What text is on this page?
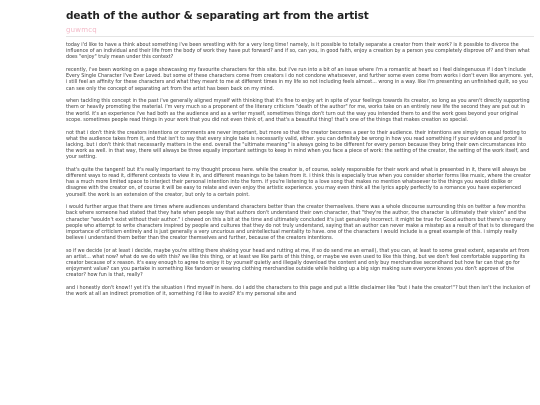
death of the author & separating art from the artist
guwmcq

today i'd like to have a think about something i've been wrestling with for a very long time! namely, is it possible to totally separate a creator from their work? is it possible to divorce the influence of an individual and their life from the body of work they have put forward? and if so, can you, in good faith, enjoy a creation by a person you completely disprove of? and then what does "enjoy" truly mean under this context?

recently, i've been working on a page showcasing my favourite characters for this site. but i've run into a bit of an issue where i'm a romantic at heart so i feel disingenuous if i don't include Every Single Character I've Ever Loved. but some of these characters come from creators i do not condone whatsoever, and further some even come from works i don't even like anymore. yet, i still feel an affinity for these characters and what they meant to me at different times in my life so not including feels almost... wrong in a way. like i'm presenting an unfinished quilt, so you can see only the concept of separating art from the artist has been back on my mind.

when tackling this concept in the past i've generally aligned myself with thinking that it's fine to enjoy art in spite of your feelings towards its creator, so long as you aren't directly supporting them or heavily promoting the material. i'm very much so a proponent of the literary criticism "death of the author" for me, works take on an entirely new life the second they are put out in the world. it's an experience i've had both as the audience and as a writer myself, sometimes things don't turn out the way you intended them to and the work goes beyond your original scope. sometimes people read things in your work that you did not even think of, and that's a beautiful thing! that's one of the things that makes creation so special.

not that i don't think the creators intentions or comments are never important, but more so that the creator becomes a peer to their audience. their intentions are simply on equal footing to what the audience takes from it, and that isn't to say that every single take is necessarily valid, either. you can definitely be wrong in how you read something if your evidence and proof is lacking. but i don't think that necessarily matters in the end. overall the "ultimate meaning" is always going to be different for every person because they bring their own circumstances into the work as well. in that way, there will always be three equally important settings to keep in mind when you face a piece of work: the setting of the creator, the setting of the work itself, and your setting.

that's quite the tangent! but it's really important to my thought process here. while the creator is, of course, solely responsible for their work and what is presented in it, there will always be different ways to read it, different contexts to view it in, and different meanings to be taken from it. i think this is especially true when you consider shorter forms like music, where the creator has a much more limited space to interject their personal intention into the form. if you're listening to a love song that makes no mention whatsoever to the things you would dislike or disagree with the creator on, of course it will be easy to relate and even enjoy the artistic experience. you may even think all the lyrics apply perfectly to a romance you have experienced yourself. the work is an extension of the creator, but only to a certain point.

i would further argue that there are times where audiences understand characters better than the creator themselves. there was a whole discourse surrounding this on twitter a few months back where someone had stated that they hate when people say that authors don't understand their own character, that "they're the author, the character is ultimately their vision" and the character "wouldn't exist without their author." i chewed on this a bit at the time and ultimately concluded it's just genuinely incorrect. it might be true for Good authors but there's so many people who attempt to write characters inspired by people and cultures that they do not truly understand, saying that an author can never make a misstep as a result of that is to disregard the importance of criticism entirely and is just generally a very uncurious and unintellectual mentality to have. one of the characters i would include is a great example of this. i simply really believe i understand them better than the creator themselves and further, because of the creators intentions.

so if we decide (or at least i decide, maybe you're sitting there shaking your head and rutting at me, if so do send me an email), that you can, at least to some great extent, separate art from an artist... what now? what do we do with this? we like this thing, or at least we like parts of this thing, or maybe we even used to like this thing, but we don't feel comfortable supporting its creator because of x reason. it's easy enough to agree to enjoy it by yourself quietly and illegally download the content and only buy merchandise secondhand but how far can that go for enjoyment value? can you partake in something like fandom or wearing clothing merchandise outside while holding up a big sign making sure everyone knows you don't approve of the creator? how fun is that, really?

and i honestly don't know!! yet it's the situation i find myself in here. do i add the characters to this page and put a little disclaimer like "but i hate the creator!"? but then isn't the inclusion of the work at all an indirect promotion of it, something i'd like to avoid? it's my personal site and
